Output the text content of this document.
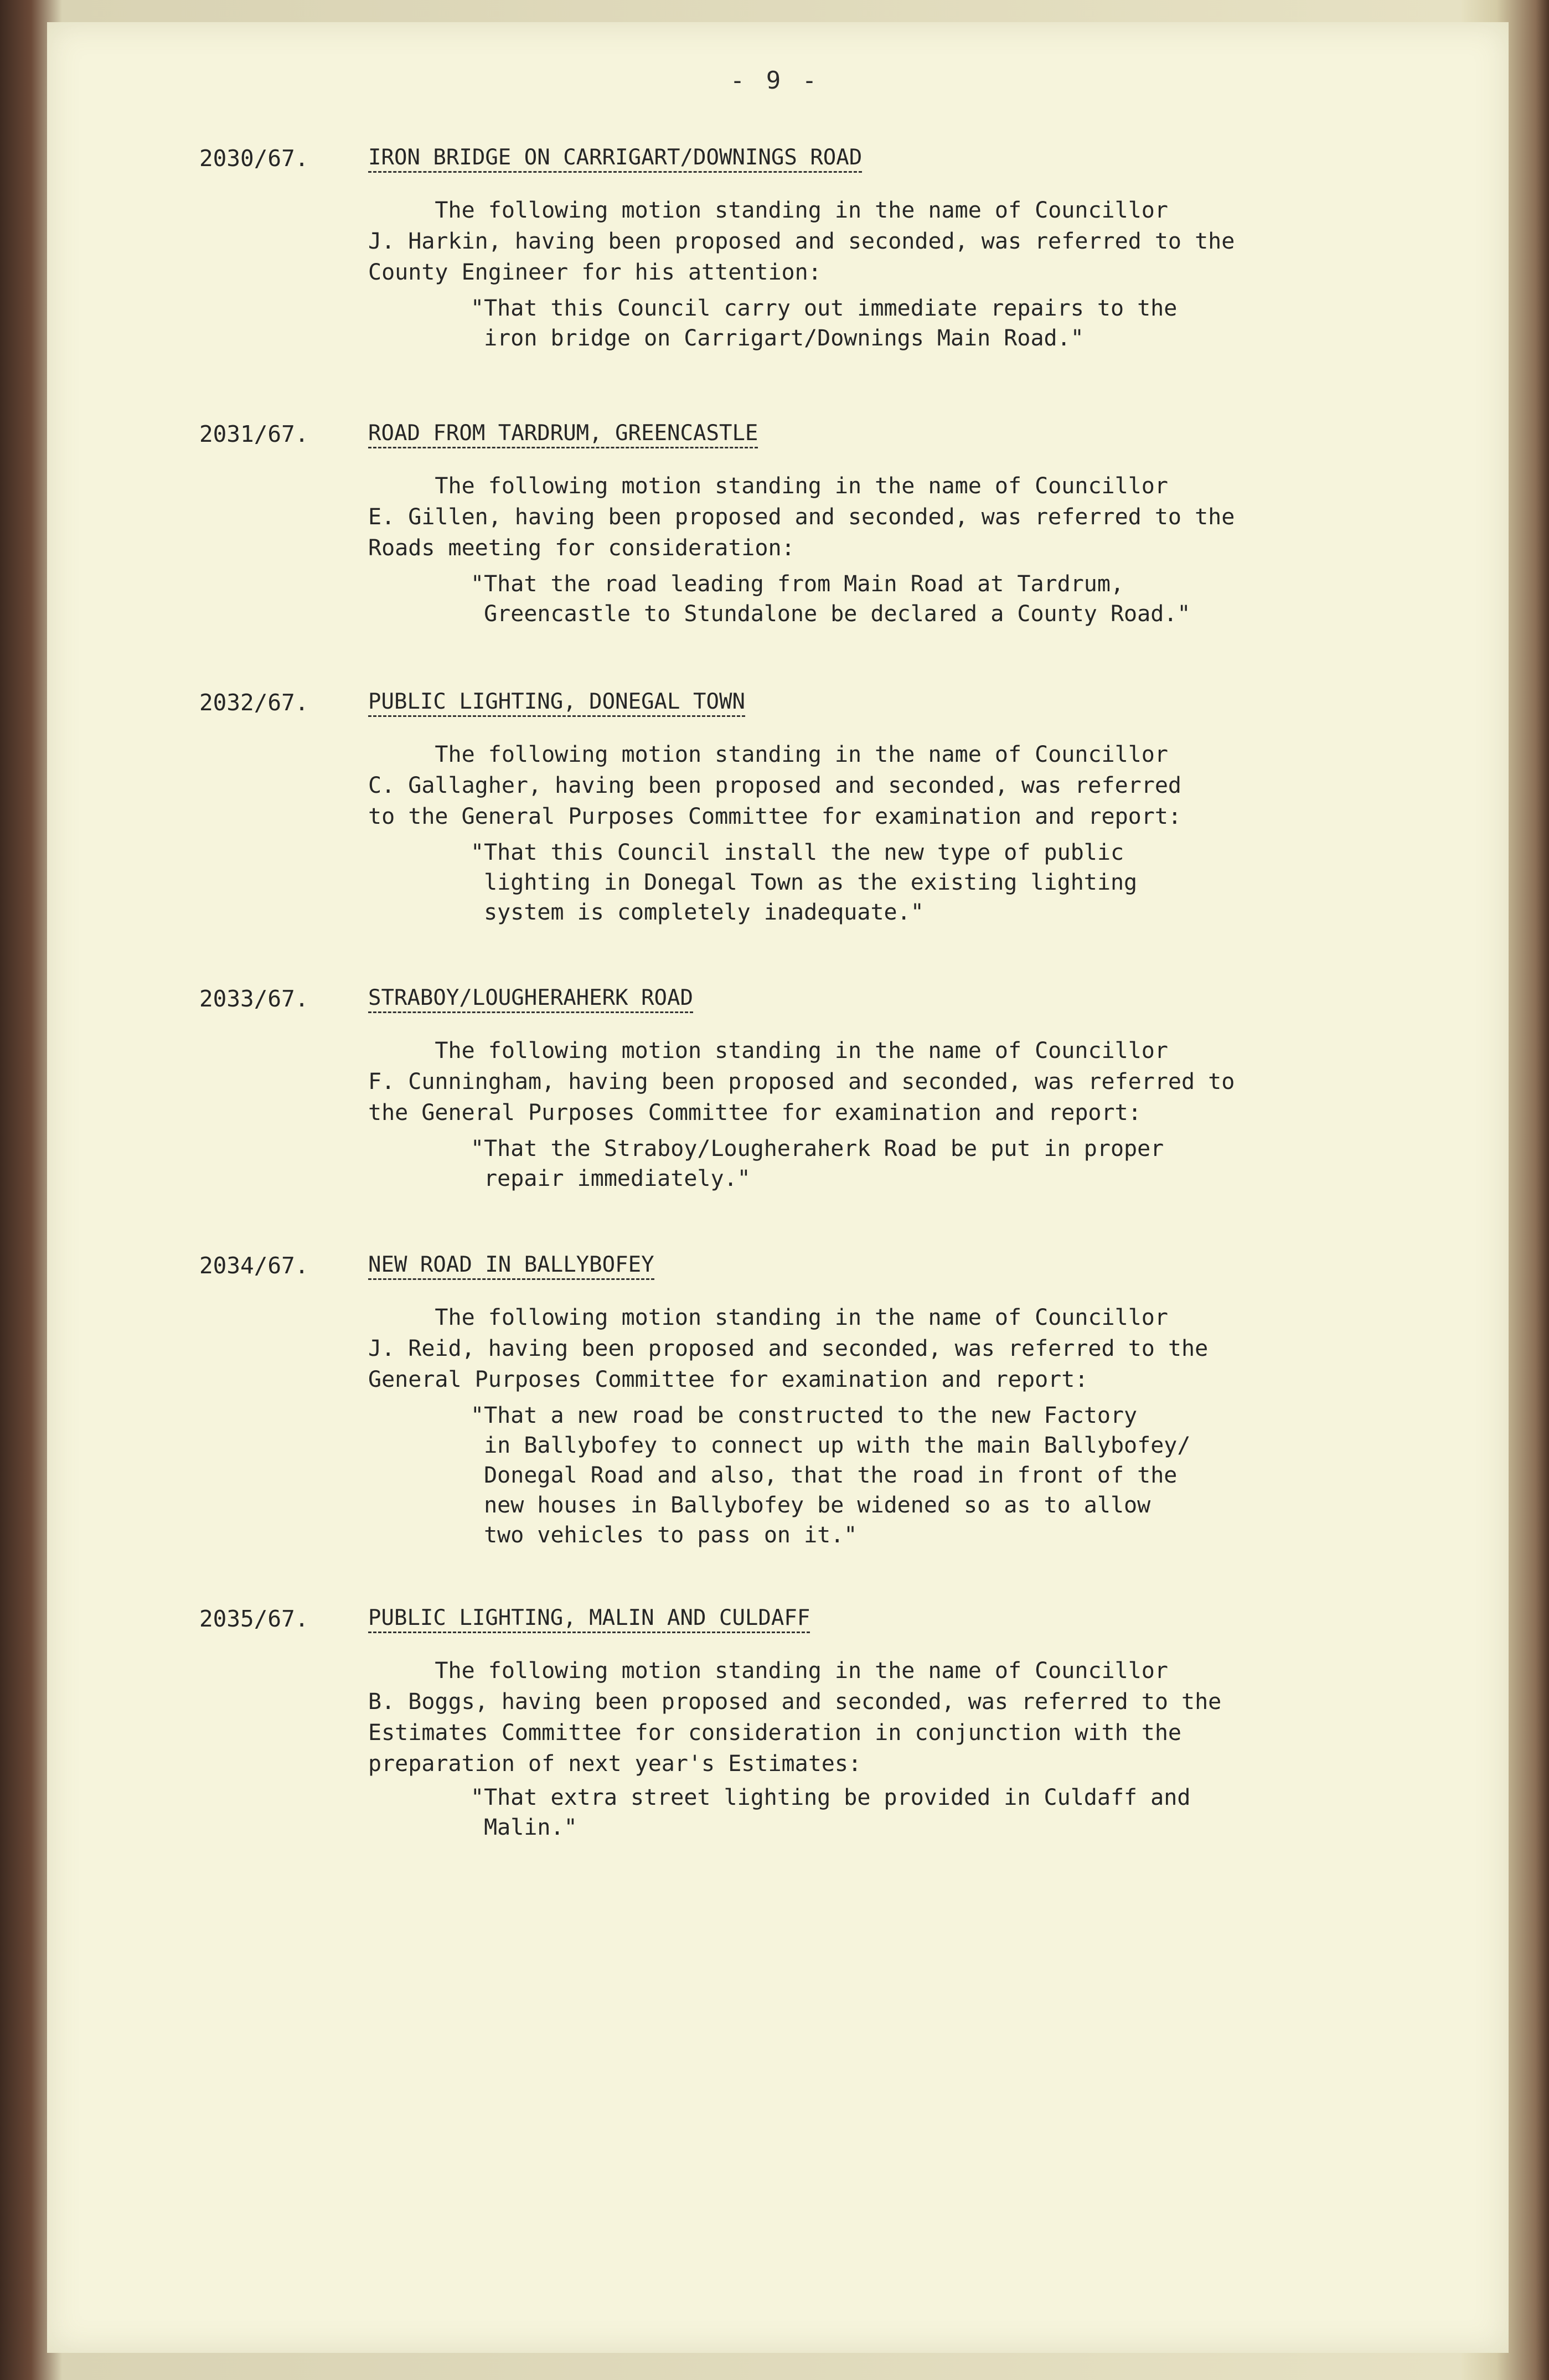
- 9 -
2030/67.	IRON BRIDGE ON CARRIGART/DOWNINGS ROAD

The following motion standing in the name of Councillor
J. Harkin, having been proposed and seconded, was referred to the
County Engineer for his attention:

"That this Council carry out immediate repairs to the
iron bridge on Carrigart/Downings Main Road."

2031/67.	ROAD FROM TARDRUM, GREENCASTLE

The following motion standing in the name of Councillor
E. Gillen, having been proposed and seconded, was referred to the
Roads meeting for consideration:

"That the road leading from Main Road at Tardrum,
Greencastle to Stundalone be declared a County Road."

2032/67.	PUBLIC LIGHTING, DONEGAL TOWN

The following motion standing in the name of Councillor
C. Gallagher, having been proposed and seconded, was referred
to the General Purposes Committee for examination and report:

"That this Council install the new type of public
lighting in Donegal Town as the existing lighting
system is completely inadequate."

2033/67.	STRABOY/LOUGHERAHERK ROAD

The following motion standing in the name of Councillor
F. Cunningham, having been proposed and seconded, was referred to
the General Purposes Committee for examination and report:

"That the Straboy/Lougheraherk Road be put in proper
repair immediately."

2034/67.	NEW ROAD IN BALLYBOFEY

The following motion standing in the name of Councillor
J. Reid, having been proposed and seconded, was referred to the
General Purposes Committee for examination and report:

"That a new road be constructed to the new Factory
in Ballybofey to connect up with the main Ballybofey/
Donegal Road and also, that the road in front of the
new houses in Ballybofey be widened so as to allow
two vehicles to pass on it."

2035/67.	PUBLIC LIGHTING, MALIN AND CULDAFF

The following motion standing in the name of Councillor
B. Boggs, having been proposed and seconded, was referred to the
Estimates Committee for consideration in conjunction with the
preparation of next year's Estimates:

"That extra street lighting be provided in Culdaff and
Malin."
